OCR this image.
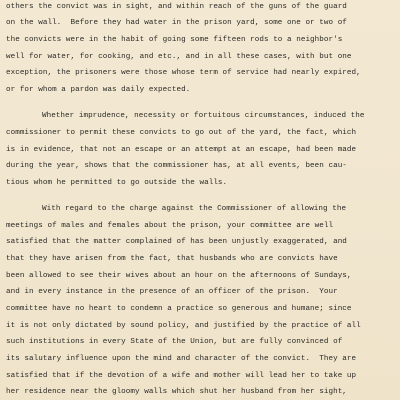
others the convict was in sight, and within reach of the guns of the guard
on the wall.  Before they had water in the prison yard, some one or two of
the convicts were in the habit of going some fifteen rods to a neighbor's
well for water, for cooking, and etc., and in all these cases, with but one
exception, the prisoners were those whose term of service had nearly expired,
or for whom a pardon was daily expected.
Whether imprudence, necessity or fortuitous circumstances, induced the
commissioner to permit these convicts to go out of the yard, the fact, which
is in evidence, that not an escape or an attempt at an escape, had been made
during the year, shows that the commissioner has, at all events, been cau-
tious whom he permitted to go outside the walls.
With regard to the charge against the Commissioner of allowing the
meetings of males and females about the prison, your committee are well
satisfied that the matter complained of has been unjustly exaggerated, and
that they have arisen from the fact, that husbands who are convicts have
been allowed to see their wives about an hour on the afternoons of Sundays,
and in every instance in the presence of an officer of the prison.  Your
committee have no heart to condemn a practice so generous and humane; since
it is not only dictated by sound policy, and justified by the practice of all
such institutions in every State of the Union, but are fully convinced of
its salutary influence upon the mind and character of the convict.  They are
satisfied that if the devotion of a wife and mother will lead her to take up
her residence near the gloomy walls which shut her husband from her sight,
